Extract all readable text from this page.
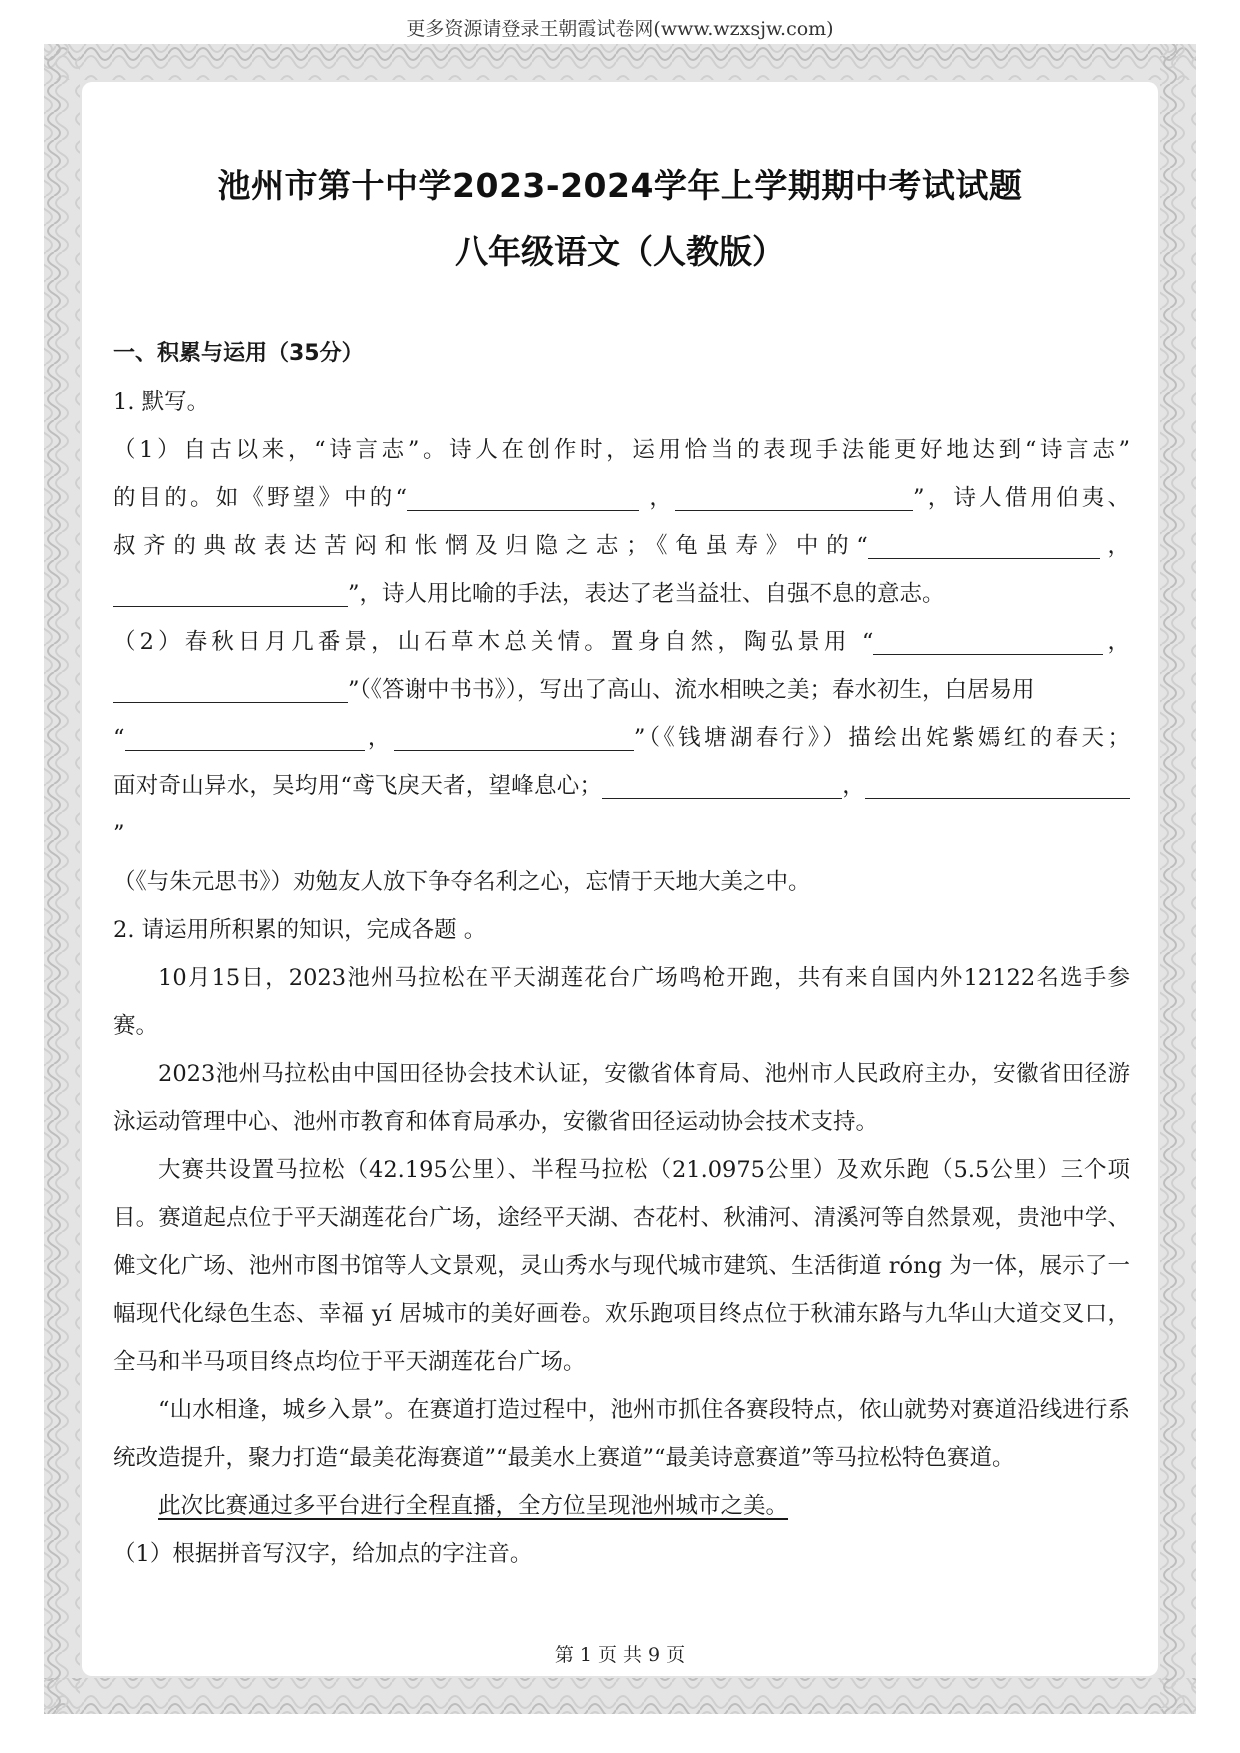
更多资源请登录王朝霞试卷网(www.wzxsjw.com)
池州市第十中学2023-2024学年上学期期中考试试题
八年级语文（人教版）

一、积累与运用（35分）

1. 默写。

（1）自古以来，“诗言志”。诗人在创作时，运用恰当的表现手法能更好地达到“诗言志”

的目的。如《野望》中的“	，	”，诗人借用伯夷、

叔齐的典故表达苦闷和怅惘及归隐之志；《龟虽寿》中的“	，

”，诗人用比喻的手法，表达了老当益壮、自强不息的意志。

（2）春秋日月几番景，山石草木总关情。置身自然，陶弘景用 “	，

”（《答谢中书书》），写出了高山、流水相映之美；春水初生，白居易用

“	，	”（《钱塘湖春行》）描绘出姹紫嫣红的春天；

面对奇山异水，吴均用“鸢飞戾天者，望峰息心；	，”

（《与朱元思书》）劝勉友人放下争夺名利之心，忘情于天地大美之中。

2. 请运用所积累的知识，完成各题 。

10月15日，2023池州马拉松在平天湖莲花台广场鸣枪开跑，共有来自国内外12122名选手参赛。

2023池州马拉松由中国田径协会技术认证，安徽省体育局、池州市人民政府主办，安徽省田径游泳运动管理中心、池州市教育和体育局承办，安徽省田径运动协会技术支持。

大赛共设置马拉松（42.195公里）、半程马拉松（21.0975公里）及欢乐跑（5.5公里）三个项目。赛道起点位于平天湖莲花台广场，途经平天湖、杏花村、秋浦河、清溪河等自然景观，贵池中学、傩文化广场、池州市图书馆等人文景观，灵山秀水与现代城市建筑、生活街道 róng 为一体，展示了一幅现代化绿色生态、幸福 yí 居城市的美好画卷。欢乐跑项目终点位于秋浦东路与九华山大道交叉口，全马和半马项目终点均位于平天湖莲花台广场。

“山水相逢，城乡入景”。在赛道打造过程中，池州市抓住各赛段特点，依山就势对赛道沿线进行系统改造提升，聚力打造“最美花海赛道”“最美水上赛道”“最美诗意赛道”等马拉松特色赛道。

此次比赛通过多平台进行全程直播，全方位呈现池州城市之美。

（1）根据拼音写汉字，给加点的字注音。

第 1 页 共 9 页
